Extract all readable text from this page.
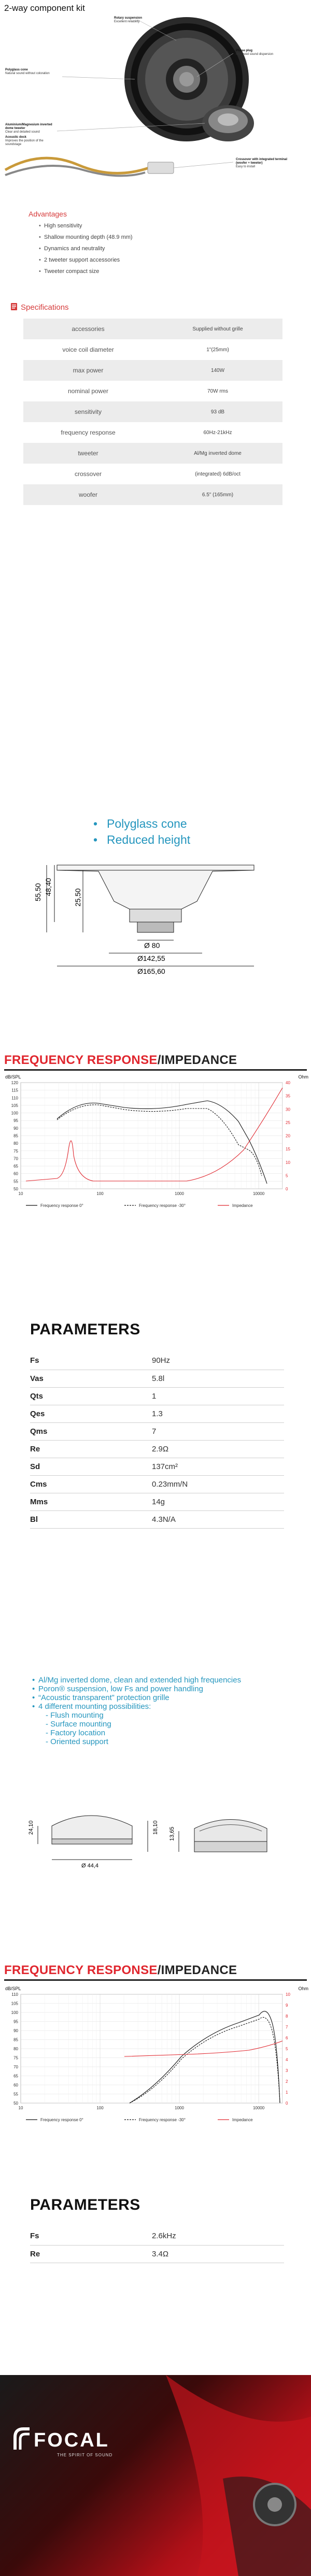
2-way component kit
Rotary suspension
Excellent reliability
Polyglass cone
Natural sound without coloration
Phase plug
Improved sound dispersion
Aluminium/Magnesium inverted dome tweeter
Clear and detailed sound
Acoustic dock
Improves the position of the soundstage
Crossover with integrated terminal (woofer + tweeter)
Easy to install
Advantages
• High sensitivity
• Shallow mounting depth (48.9 mm)
• Dynamics and neutrality
• 2 tweeter support accessories
• Tweeter compact size
Specifications
accessories	Supplied without grille
voice coil diameter	1"(25mm)
max power	140W
nominal power	70W rms
sensitivity	93 dB
frequency response	60Hz-21kHz
tweeter	Al/Mg inverted dome
crossover	(integrated) 6dB/oct
woofer	6.5" (165mm)
• Polyglass cone
• Reduced height
55,50 48,40
25,50
Ø 80
Ø142,55
Ø165,60
FREQUENCY RESPONSE/IMPEDANCE
dB/SPL	Ohm
120
115
110
105
100
95
90
85
80
75
70
65
60
55
50
40
35
30
25
20
15
10
5
0
10	100	1000	10000
Frequency response 0°	Frequency response -30°	Impedance
PARAMETERS
Fs	90Hz
Vas	5.8l
Qts	1
Qes	1.3
Qms	7
Re	2.9Ω
Sd	137cm²
Cms	0.23mm/N
Mms	14g
Bl	4.3N/A
• Al/Mg inverted dome, clean and extended high frequencies
• Poron® suspension, low Fs and power handling
• “Acoustic transparent” protection grille
• 4 different mounting possibilities:
- Flush mounting
- Surface mounting
- Factory location
- Oriented support
24,10
Ø 44,4
18,10 13,65
FREQUENCY RESPONSE/IMPEDANCE
dB/SPL	Ohm
110
105
100
95
90
85
80
75
70
65
60
55
50
10
9
8
7
6
5
4
3
2
1
0
10	100	1000	10000
Frequency response 0°	Frequency response -30°	Impedance
PARAMETERS
Fs	2.6kHz
Re	3.4Ω
FOCAL
THE SPIRIT OF SOUND
